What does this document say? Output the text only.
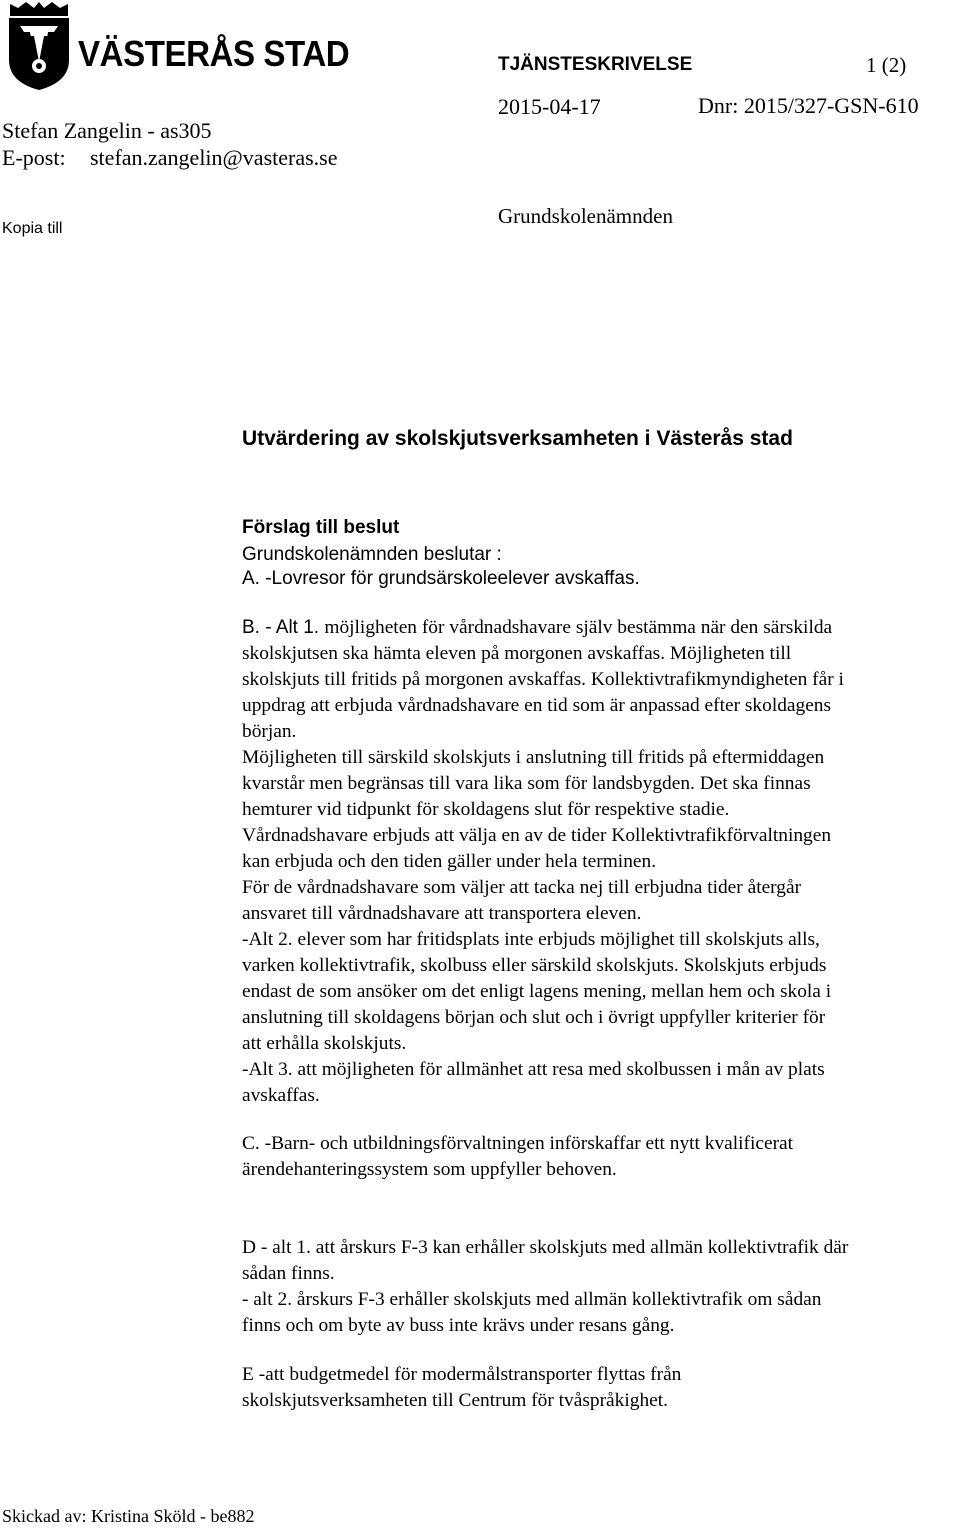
VÄSTERÅS STAD
Stefan Zangelin - as305
E-post: stefan.zangelin@vasteras.se
TJÄNSTESKRIVELSE	1 (2)
2015-04-17	Dnr: 2015/327-GSN-610
Kopia till
Grundskolenämnden
Utvärdering av skolskjutsverksamheten i Västerås stad
Förslag till beslut
Grundskolenämnden beslutar :
A. -Lovresor för grundsärskoleelever avskaffas.
B. - Alt 1. möjligheten för vårdnadshavare själv bestämma när den särskilda
skolskjutsen ska hämta eleven på morgonen avskaffas. Möjligheten till
skolskjuts till fritids på morgonen avskaffas. Kollektivtrafikmyndigheten får i
uppdrag att erbjuda vårdnadshavare en tid som är anpassad efter skoldagens
början.
Möjligheten till särskild skolskjuts i anslutning till fritids på eftermiddagen
kvarstår men begränsas till vara lika som för landsbygden. Det ska finnas
hemturer vid tidpunkt för skoldagens slut för respektive stadie.
Vårdnadshavare erbjuds att välja en av de tider Kollektivtrafikförvaltningen
kan erbjuda och den tiden gäller under hela terminen.
För de vårdnadshavare som väljer att tacka nej till erbjudna tider återgår
ansvaret till vårdnadshavare att transportera eleven.
-Alt 2. elever som har fritidsplats inte erbjuds möjlighet till skolskjuts alls,
varken kollektivtrafik, skolbuss eller särskild skolskjuts. Skolskjuts erbjuds
endast de som ansöker om det enligt lagens mening, mellan hem och skola i
anslutning till skoldagens början och slut och i övrigt uppfyller kriterier för
att erhålla skolskjuts.
-Alt 3. att möjligheten för allmänhet att resa med skolbussen i mån av plats
avskaffas.
C. -Barn- och utbildningsförvaltningen införskaffar ett nytt kvalificerat
ärendehanteringssystem som uppfyller behoven.
D - alt 1. att årskurs F-3 kan erhåller skolskjuts med allmän kollektivtrafik där
sådan finns.
- alt 2. årskurs F-3 erhåller skolskjuts med allmän kollektivtrafik om sådan
finns och om byte av buss inte krävs under resans gång.
E -att budgetmedel för modermålstransporter flyttas från
skolskjutsverksamheten till Centrum för tvåspråkighet.
Skickad av: Kristina Sköld - be882
